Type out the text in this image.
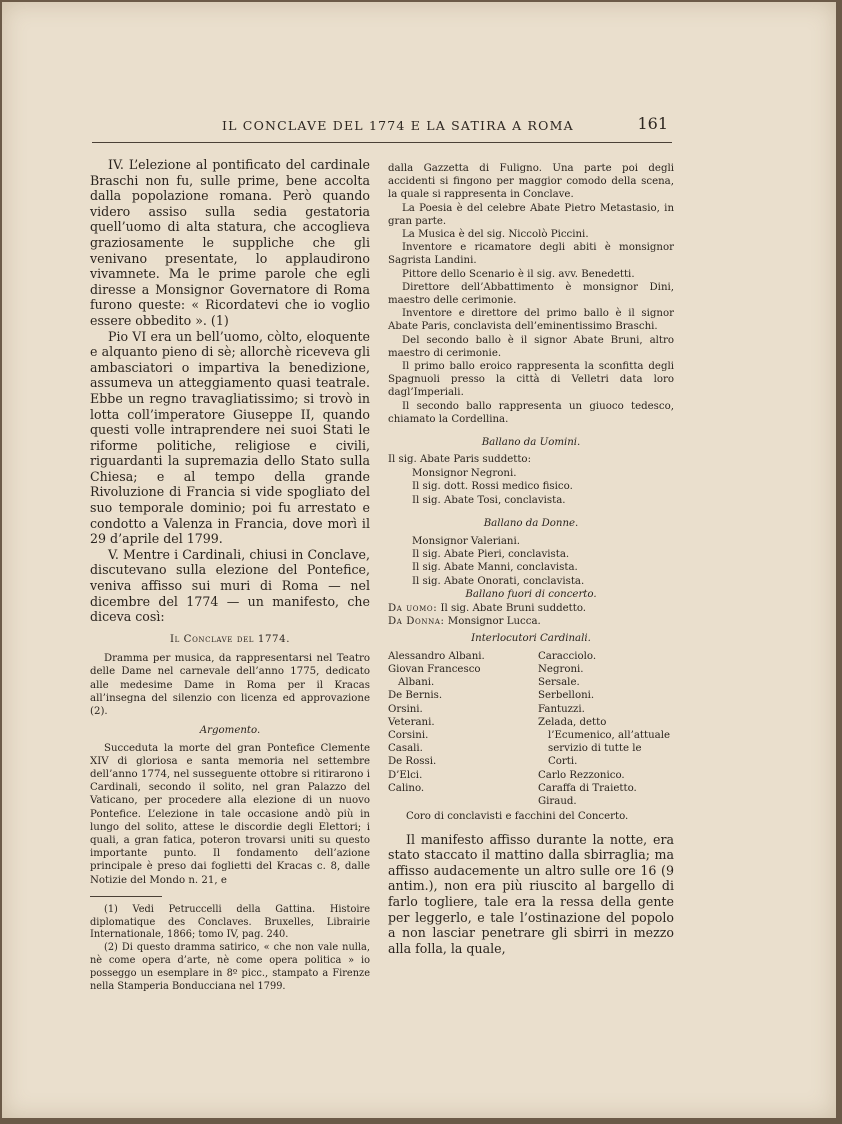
IL CONCLAVE DEL 1774 E LA SATIRA A ROMA	161

IV. L’elezione al pontificato del cardinale Braschi non fu, sulle prime, bene accolta dalla popolazione romana. Però quando videro assiso sulla sedia gestatoria quell’uomo di alta statura, che accoglieva graziosamente le suppliche che gli venivano presentate, lo applaudirono vivamnete. Ma le prime parole che egli diresse a Monsignor Governatore di Roma furono queste: « Ricordatevi che io voglio essere obbedito ». (1)

Pio VI era un bell’uomo, còlto, eloquente e alquanto pieno di sè; allorchè riceveva gli ambasciatori o impartiva la benedizione, assumeva un atteggiamento quasi teatrale. Ebbe un regno travagliatissimo; si trovò in lotta coll’imperatore Giuseppe II, quando questi volle intraprendere nei suoi Stati le riforme politiche, religiose e civili, riguardanti la supremazia dello Stato sulla Chiesa; e al tempo della grande Rivoluzione di Francia si vide spogliato del suo temporale dominio; poi fu arrestato e condotto a Valenza in Francia, dove morì il 29 d’aprile del 1799.

V. Mentre i Cardinali, chiusi in Conclave, discutevano sulla elezione del Pontefice, veniva affisso sui muri di Roma — nel dicembre del 1774 — un manifesto, che diceva così:

Il Conclave del 1774.

Dramma per musica, da rappresentarsi nel Teatro delle Dame nel carnevale dell’anno 1775, dedicato alle medesime Dame in Roma per il Kracas all’insegna del silenzio con licenza ed approvazione (2).

Argomento.

Succeduta la morte del gran Pontefice Clemente XIV di gloriosa e santa memoria nel settembre dell’anno 1774, nel susseguente ottobre si ritirarono i Cardinali, secondo il solito, nel gran Palazzo del Vaticano, per procedere alla elezione di un nuovo Pontefice. L’elezione in tale occasione andò più in lungo del solito, attese le discordie degli Elettori; i quali, a gran fatica, poteron trovarsi uniti su questo importante punto. Il fondamento dell’azione principale è preso dai foglietti del Kracas c. 8, dalle Notizie del Mondo n. 21, e

(1) Vedi Petruccelli della Gattina. Histoire diplomatique des Conclaves. Bruxelles, Librairie Internationale, 1866; tomo IV, pag. 240.

(2) Di questo dramma satirico, « che non vale nulla, nè come opera d’arte, nè come opera politica » io posseggo un esemplare in 8º picc., stampato a Firenze nella Stamperia Bonducciana nel 1799.

dalla Gazzetta di Fuligno. Una parte poi degli accidenti si fingono per maggior comodo della scena, la quale si rappresenta in Conclave.

La Poesia è del celebre Abate Pietro Metastasio, in gran parte.

La Musica è del sig. Niccolò Piccini.

Inventore e ricamatore degli abiti è monsignor Sagrista Landini.

Pittore dello Scenario è il sig. avv. Benedetti.

Direttore dell’Abbattimento è monsignor Dini, maestro delle cerimonie.

Inventore e direttore del primo ballo è il signor Abate Paris, conclavista dell’eminentissimo Braschi.

Del secondo ballo è il signor Abate Bruni, altro maestro di cerimonie.

Il primo ballo eroico rappresenta la sconfitta degli Spagnuoli presso la città di Velletri data loro dagl’Imperiali.

Il secondo ballo rappresenta un giuoco tedesco, chiamato la Cordellina.

Ballano da Uomini.
Il sig. Abate Paris suddetto:
Monsignor Negroni.
Il sig. dott. Rossi medico fisico.
Il sig. Abate Tosi, conclavista.
Ballano da Donne.
Monsignor Valeriani.
Il sig. Abate Pieri, conclavista.
Il sig. Abate Manni, conclavista.
Il sig. Abate Onorati, conclavista.
Ballano fuori di concerto.
Da uomo: Il sig. Abate Bruni suddetto.
Da Donna: Monsignor Lucca.
Interlocutori Cardinali.
Alessandro Albani.
Giovan Francesco Albani.
De Bernis.
Orsini.
Veterani.
Corsini.
Casali.
De Rossi.
D’Elci.
Calino.
Caracciolo.
Negroni.
Sersale.
Serbelloni.
Fantuzzi.
Zelada, detto l’Ecumenico, all’attuale servizio di tutte le Corti.
Carlo Rezzonico.
Caraffa di Traietto.
Giraud.
Coro di conclavisti e facchini del Concerto.

Il manifesto affisso durante la notte, era stato staccato il mattino dalla sbirraglia; ma affisso audacemente un altro sulle ore 16 (9 antim.), non era più riuscito al bargello di farlo togliere, tale era la ressa della gente per leggerlo, e tale l’ostinazione del popolo a non lasciar penetrare gli sbirri in mezzo alla folla, la quale,
